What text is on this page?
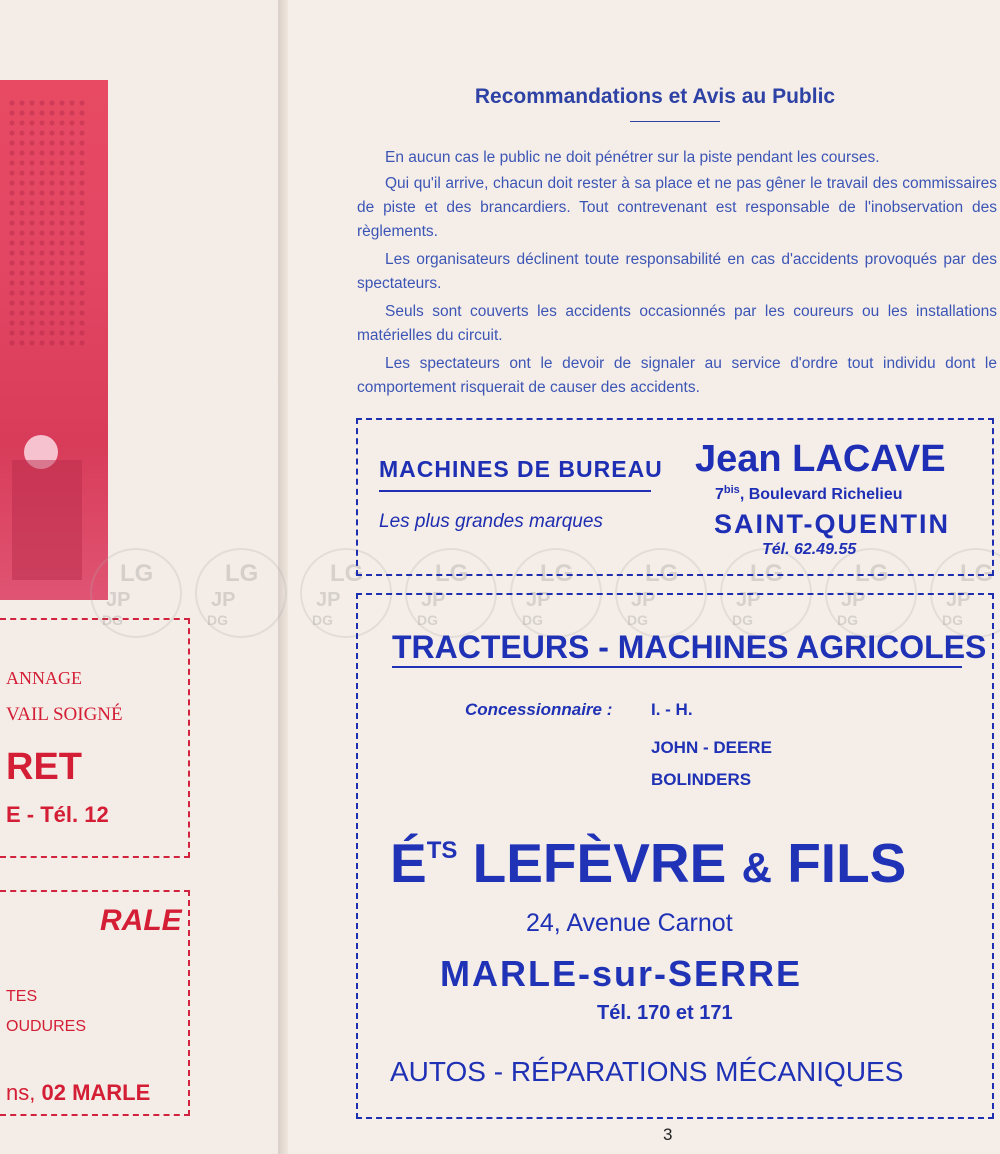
ANNAGE
VAIL SOIGNÉ
RET
E - Tél. 12
RALE
TES
OUDURES
ns, 02 MARLE
Recommandations et Avis au Public

En aucun cas le public ne doit pénétrer sur la piste pendant les courses.

Qui qu'il arrive, chacun doit rester à sa place et ne pas gêner le travail des commissaires de piste et des brancardiers. Tout contrevenant est responsable de l'inobservation des règlements.

Les organisateurs déclinent toute responsabilité en cas d'accidents provoqués par des spectateurs.

Seuls sont couverts les accidents occasionnés par les coureurs ou les installations matérielles du circuit.

Les spectateurs ont le devoir de signaler au service d'ordre tout individu dont le comportement risquerait de causer des accidents.

LG
JP
DG
LG
JP
DG
LG
JP
DG
LG
JP
DG
LG
JP
DG
LG
JP
DG
LG
JP
DG
LG
JP
DG
LG
JP
DG
MACHINES DE BUREAU
Les plus grandes marques
Jean LACAVE
$7^{bis}$, Boulevard Richelieu
SAINT-QUENTIN
Tél. 62.49.55
TRACTEURS - MACHINES AGRICOLES
Concessionnaire : I. - H.
JOHN - DEERE
BOLINDERS
$É^{TS}$ LEFÈVRE & FILS
24, Avenue Carnot
MARLE-sur-SERRE
Tél. 170 et 171
AUTOS - RÉPARATIONS MÉCANIQUES
3
